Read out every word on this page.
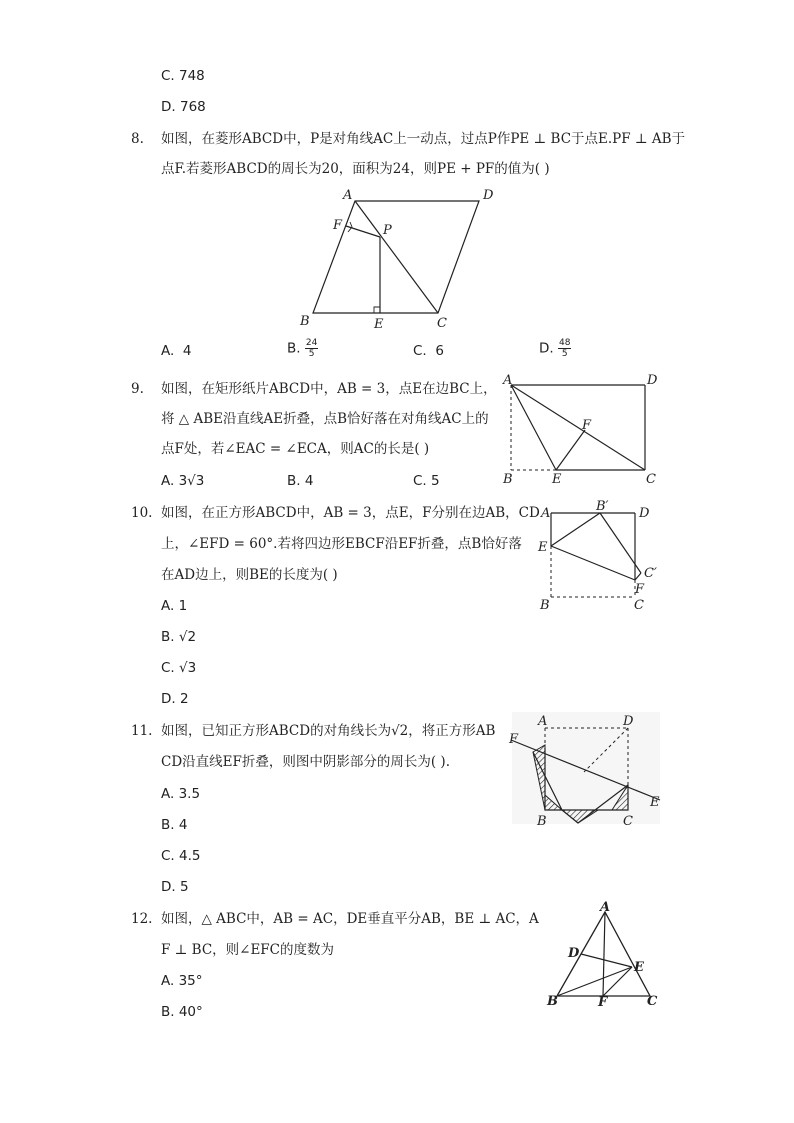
C. 748
D. 768
8. 如图，在菱形ABCD中，P是对角线AC上一动点，过点P作PE ⊥ BC于点E.PF ⊥ AB于
点F.若菱形ABCD的周长为20，面积为24，则PE + PF的值为( )
A	D
F	P
B	E	C
A. 4	B. $\frac{24}{5}$	C. 6	D. $\frac{48}{5}$
9. 如图，在矩形纸片ABCD中，AB = 3，点E在边BC上，
将 △ ABE沿直线AE折叠，点B恰好落在对角线AC上的
点F处，若∠EAC = ∠ECA，则AC的长是( )
A	D
F
B	E	C
A. 3√3	B. 4	C. 5
10. 如图，在正方形ABCD中，AB = 3，点E，F分别在边AB，CD
上，∠EFD = 60°.若将四边形EBCF沿EF折叠，点B恰好落
在AD边上，则BE的长度为( )
A	B′ D
E
C′
F
B	C
A. 1
B. √2
C. √3
D. 2
11. 如图，已知正方形ABCD的对角线长为√2，将正方形AB
CD沿直线EF折叠，则图中阴影部分的周长为( ).
A	D
F
E
B	C
A. 3.5
B. 4
C. 4.5
D. 5
12. 如图，△ ABC中，AB = AC，DE垂直平分AB，BE ⊥ AC，A
F ⊥ BC，则∠EFC的度数为
A
D
E
B	F	C
A. 35°
B. 40°
